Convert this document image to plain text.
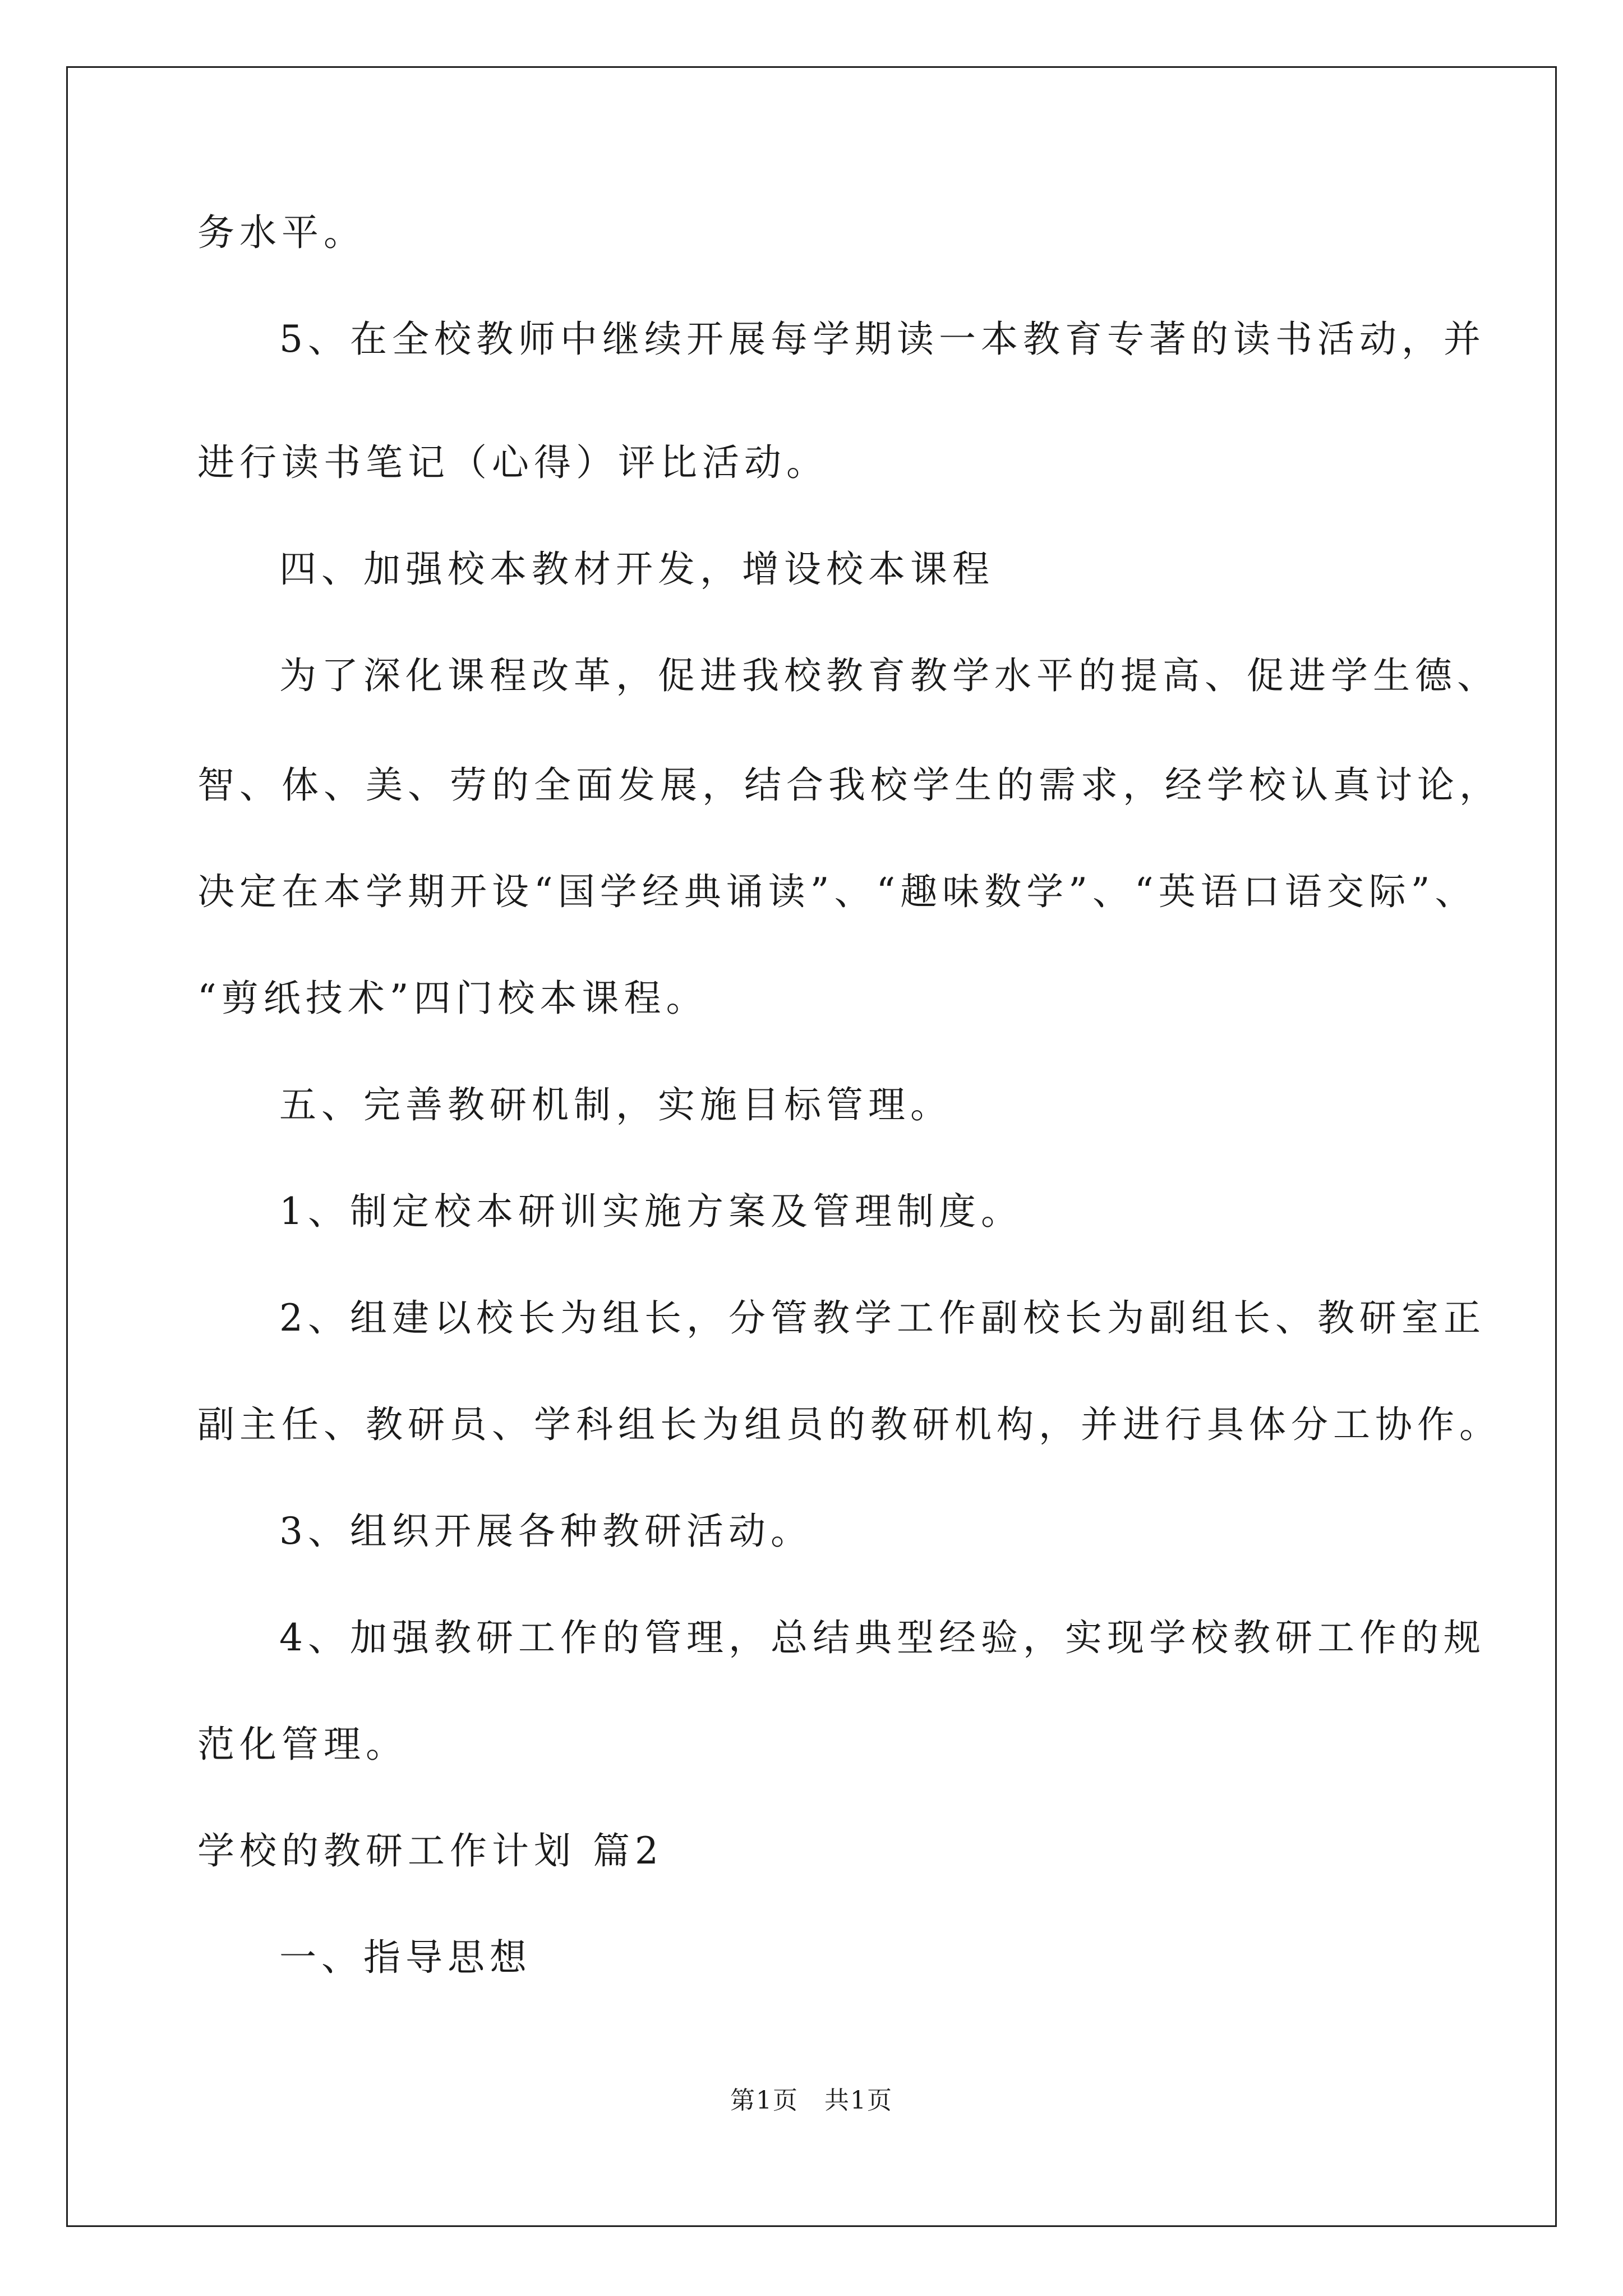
务水平。
5、在全校教师中继续开展每学期读一本教育专著的读书活动，并
进行读书笔记（心得）评比活动。
四、加强校本教材开发，增设校本课程
为了深化课程改革，促进我校教育教学水平的提高、促进学生德、
智、体、美、劳的全面发展，结合我校学生的需求，经学校认真讨论，
决定在本学期开设“国学经典诵读”、“趣味数学”、“英语口语交际”、
“剪纸技术”四门校本课程。
五、完善教研机制，实施目标管理。
1、制定校本研训实施方案及管理制度。
2、组建以校长为组长，分管教学工作副校长为副组长、教研室正
副主任、教研员、学科组长为组员的教研机构，并进行具体分工协作。
3、组织开展各种教研活动。
4、加强教研工作的管理，总结典型经验，实现学校教研工作的规
范化管理。
学校的教研工作计划 篇2
一、指导思想
第1页　共1页
